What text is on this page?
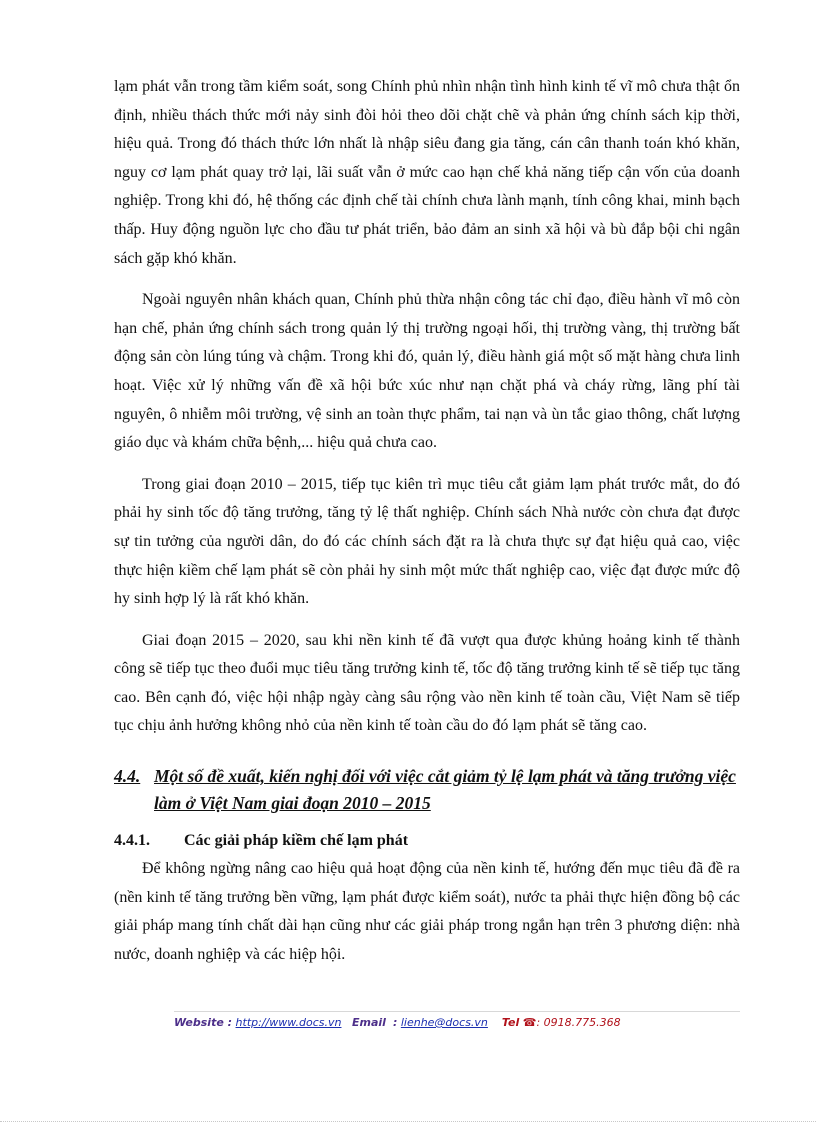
lạm phát vẫn trong tầm kiểm soát, song Chính phủ nhìn nhận tình hình kinh tế vĩ mô chưa thật ổn định, nhiều thách thức mới nảy sinh đòi hỏi theo dõi chặt chẽ và phản ứng chính sách kịp thời, hiệu quả. Trong đó thách thức lớn nhất là nhập siêu đang gia tăng, cán cân thanh toán khó khăn, nguy cơ lạm phát quay trở lại, lãi suất vẫn ở mức cao hạn chế khả năng tiếp cận vốn của doanh nghiệp. Trong khi đó, hệ thống các định chế tài chính chưa lành mạnh, tính công khai, minh bạch thấp. Huy động nguồn lực cho đầu tư phát triển, bảo đảm an sinh xã hội và bù đắp bội chi ngân sách gặp khó khăn.

Ngoài nguyên nhân khách quan, Chính phủ thừa nhận công tác chỉ đạo, điều hành vĩ mô còn hạn chế, phản ứng chính sách trong quản lý thị trường ngoại hối, thị trường vàng, thị trường bất động sản còn lúng túng và chậm. Trong khi đó, quản lý, điều hành giá một số mặt hàng chưa linh hoạt. Việc xử lý những vấn đề xã hội bức xúc như nạn chặt phá và cháy rừng, lãng phí tài nguyên, ô nhiễm môi trường, vệ sinh an toàn thực phẩm, tai nạn và ùn tắc giao thông, chất lượng giáo dục và khám chữa bệnh,... hiệu quả chưa cao.

Trong giai đoạn 2010 – 2015, tiếp tục kiên trì mục tiêu cắt giảm lạm phát trước mắt, do đó phải hy sinh tốc độ tăng trưởng, tăng tỷ lệ thất nghiệp. Chính sách Nhà nước còn chưa đạt được sự tin tưởng của người dân, do đó các chính sách đặt ra là chưa thực sự đạt hiệu quả cao, việc thực hiện kiềm chế lạm phát sẽ còn phải hy sinh một mức thất nghiệp cao, việc đạt được mức độ hy sinh hợp lý là rất khó khăn.

Giai đoạn 2015 – 2020, sau khi nền kinh tế đã vượt qua được khủng hoảng kinh tế thành công sẽ tiếp tục theo đuổi mục tiêu tăng trưởng kinh tế, tốc độ tăng trưởng kinh tế sẽ tiếp tục tăng cao. Bên cạnh đó, việc hội nhập ngày càng sâu rộng vào nền kinh tế toàn cầu, Việt Nam sẽ tiếp tục chịu ảnh hưởng không nhỏ của nền kinh tế toàn cầu do đó lạm phát sẽ tăng cao.

4.4. Một số đề xuất, kiến nghị đối với việc cắt giảm tỷ lệ lạm phát và tăng trưởng việc làm ở Việt Nam giai đoạn 2010 – 2015
4.4.1.	Các giải pháp kiềm chế lạm phát

Để không ngừng nâng cao hiệu quả hoạt động của nền kinh tế, hướng đến mục tiêu đã đề ra (nền kinh tế tăng trưởng bền vững, lạm phát được kiểm soát), nước ta phải thực hiện đồng bộ các giải pháp mang tính chất dài hạn cũng như các giải pháp trong ngắn hạn trên 3 phương diện: nhà nước, doanh nghiệp và các hiệp hội.

Website : http://www.docs.vn Email : lienhe@docs.vn Tel ☎: 0918.775.368
